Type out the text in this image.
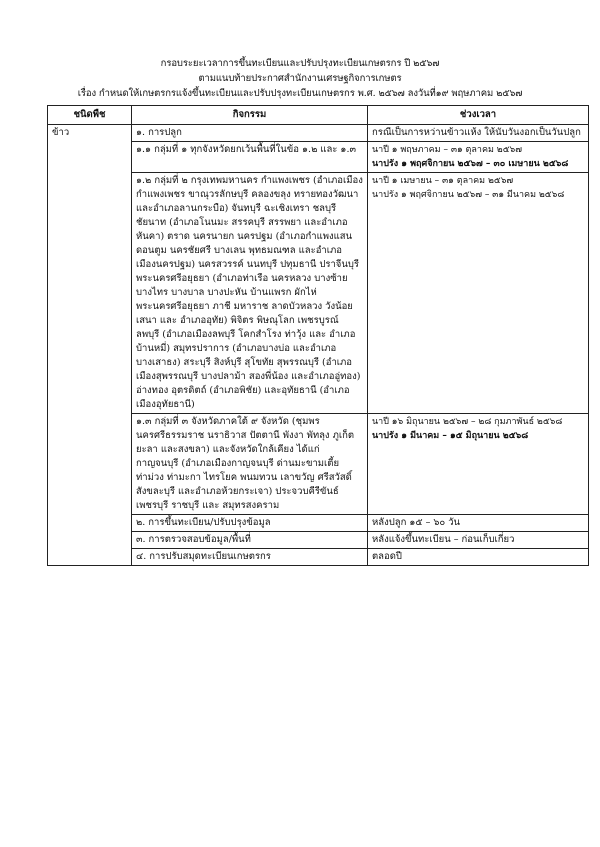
กรอบระยะเวลาการขึ้นทะเบียนและปรับปรุงทะเบียนเกษตรกร ปี ๒๕๖๗
ตามแนบท้ายประกาศสำนักงานเศรษฐกิจการเกษตร
เรื่อง กำหนดให้เกษตรกรแจ้งขึ้นทะเบียนและปรับปรุงทะเบียนเกษตรกร พ.ศ. ๒๕๖๗ ลงวันที่๑๙ พฤษภาคม ๒๕๖๗
ชนิดพืช	กิจกรรม	ช่วงเวลา
ข้าว	๑. การปลูก	กรณีเป็นการหว่านข้าวแห้ง ให้นับวันงอกเป็นวันปลูก
	๑.๑ กลุ่มที่ ๑ ทุกจังหวัดยกเว้นพื้นที่ในข้อ ๑.๒ และ ๑.๓	นาปี ๑ พฤษภาคม – ๓๑ ตุลาคม ๒๕๖๗
นาปรัง ๑ พฤศจิกายน ๒๕๖๗ – ๓๐ เมษายน ๒๕๖๘

	๑.๒ กลุ่มที่ ๒ กรุงเทพมหานคร กำแพงเพชร (อำเภอเมืองกำแพงเพชร ขาณุวรลักษบุรี คลองขลุง ทรายทองวัฒนา และอำเภอลานกระบือ) จันทบุรี ฉะเชิงเทรา ชลบุรี ชัยนาท (อำเภอโนนมะ สรรคบุรี สรรพยา และอำเภอหันคา) ตราด นครนายก นครปฐม (อำเภอกำแพงแสน ดอนตูม นครชัยศรี บางเลน พุทธมณฑล และอำเภอ เมืองนครปฐม) นครสวรรค์ นนทบุรี ปทุมธานี ปราจีนบุรี พระนครศรีอยุธยา (อำเภอท่าเรือ นครหลวง บางซ้าย บางไทร บางบาล บางปะหัน บ้านแพรก ผักไห่ พระนครศรีอยุธยา ภาชี มหาราช ลาดบัวหลวง วังน้อย เสนา และ อำเภออุทัย) พิจิตร พิษณุโลก เพชรบูรณ์ ลพบุรี (อำเภอเมืองลพบุรี โคกสำโรง ท่าวุ้ง และ อำเภอบ้านหมี่) สมุทรปราการ (อำเภอบางบ่อ และอำเภอบางเสาธง) สระบุรี สิงห์บุรี สุโขทัย สุพรรณบุรี (อำเภอเมืองสุพรรณบุรี บางปลาม้า สองพี่น้อง และอำเภออู่ทอง) อ่างทอง อุตรดิตถ์ (อำเภอพิชัย) และอุทัยธานี (อำเภอเมืองอุทัยธานี)	นาปี ๑ เมษายน – ๓๑ ตุลาคม ๒๕๖๗
นาปรัง ๑ พฤศจิกายน ๒๕๖๗ – ๓๑ มีนาคม ๒๕๖๘

	๑.๓ กลุ่มที่ ๓ จังหวัดภาคใต้ ๙ จังหวัด (ชุมพร นครศรีธรรมราช นราธิวาส ปัตตานี พังงา พัทลุง ภูเก็ต ยะลา และสงขลา) และจังหวัดใกล้เคียง ได้แก่ กาญจนบุรี (อำเภอเมืองกาญจนบุรี ด่านมะขามเตี้ย ท่าม่วง ท่ามะกา ไทรโยค พนมทวน เลาขวัญ ศรีสวัสดิ์ สังขละบุรี และอำเภอห้วยกระเจา) ประจวบคีรีขันธ์ เพชรบุรี ราชบุรี และ สมุทรสงคราม	นาปี ๑๖ มิถุนายน ๒๕๖๗ – ๒๘ กุมภาพันธ์ ๒๕๖๘
นาปรัง ๑ มีนาคม – ๑๕ มิถุนายน ๒๕๖๘

	๒. การขึ้นทะเบียน/ปรับปรุงข้อมูล	หลังปลูก ๑๕ – ๖๐ วัน
	๓. การตรวจสอบข้อมูล/พื้นที่	หลังแจ้งขึ้นทะเบียน – ก่อนเก็บเกี่ยว
	๔. การปรับสมุดทะเบียนเกษตรกร	ตลอดปี
